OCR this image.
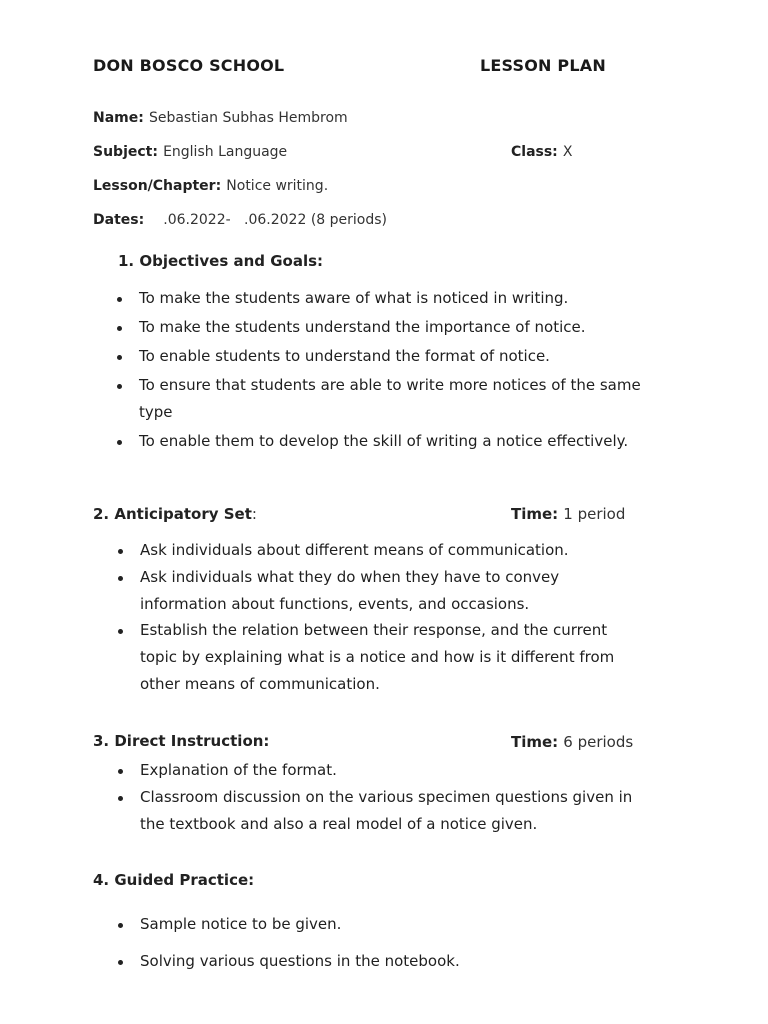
DON BOSCO SCHOOL	LESSON PLAN
Name: Sebastian Subhas Hembrom
Subject: English Language	Class: X
Lesson/Chapter: Notice writing.
Dates: .06.2022-   .06.2022 (8 periods)
1. Objectives and Goals:
To make the students aware of what is noticed in writing.
To make the students understand the importance of notice.
To enable students to understand the format of notice.
To ensure that students are able to write more notices of the same
type
To enable them to develop the skill of writing a notice effectively.
2. Anticipatory Set:	Time: 1 period
Ask individuals about different means of communication.
Ask individuals what they do when they have to convey
information about functions, events, and occasions.
Establish the relation between their response, and the current
topic by explaining what is a notice and how is it different from
other means of communication.
3. Direct Instruction:	Time: 6 periods
Explanation of the format.
Classroom discussion on the various specimen questions given in
the textbook and also a real model of a notice given.
4. Guided Practice:
Sample notice to be given.
Solving various questions in the notebook.
